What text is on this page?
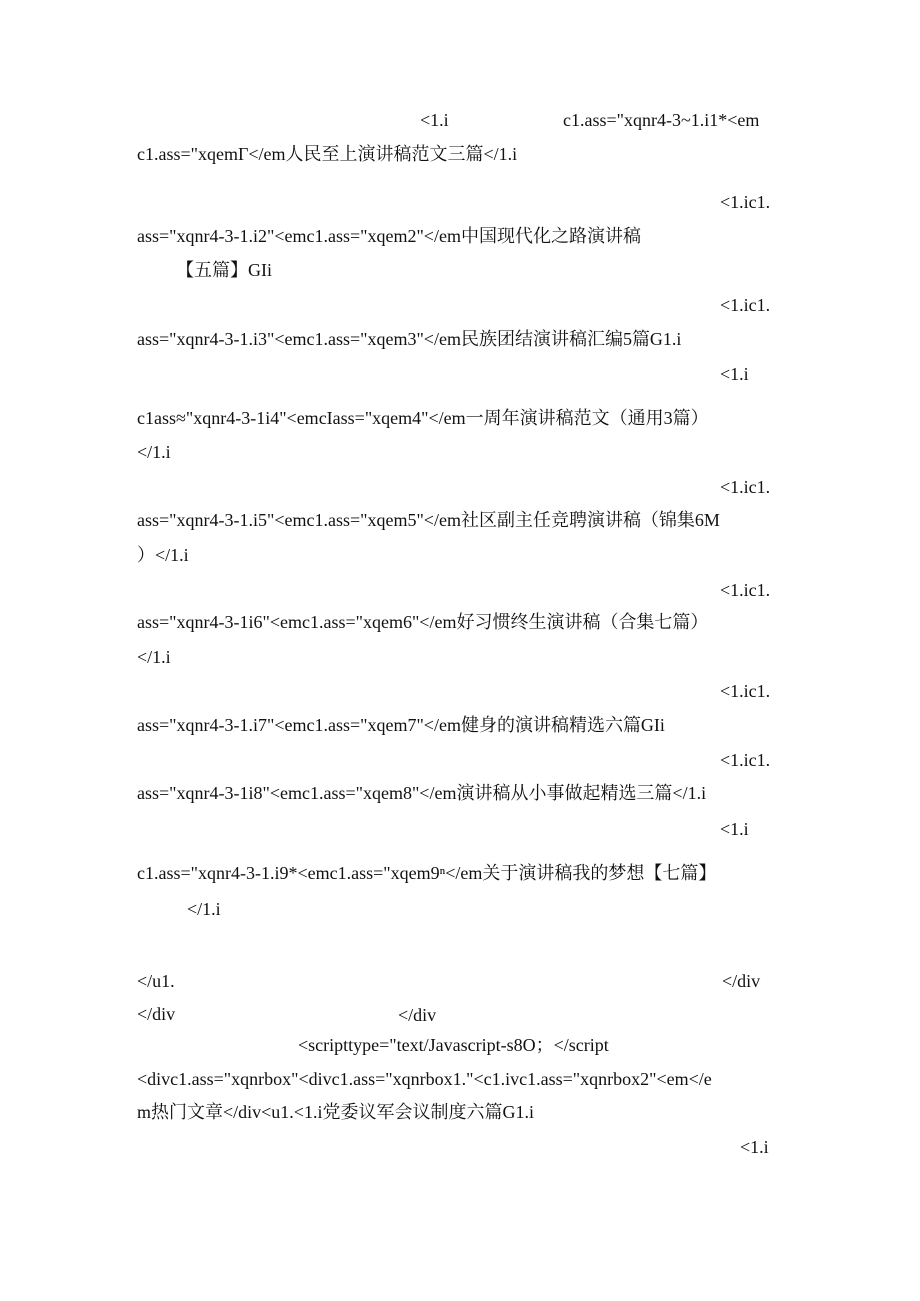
<1.i	c1.ass="xqnr4-3~1.i1*<em
c1.ass="xqemΓ</em人民至上演讲稿范文三篇</1.i
<1.ic1.
ass="xqnr4-3-1.i2"<emc1.ass="xqem2"</em中国现代化之路演讲稿
【五篇】GIi
<1.ic1.
ass="xqnr4-3-1.i3"<emc1.ass="xqem3"</em民族团结演讲稿汇编5篇G1.i
<1.i
c1ass≈"xqnr4-3-1i4"<emcIass="xqem4"</em一周年演讲稿范文（通用3篇）
</1.i
<1.ic1.
ass="xqnr4-3-1.i5"<emc1.ass="xqem5"</em社区副主任竞聘演讲稿（锦集6M
）</1.i
<1.ic1.
ass="xqnr4-3-1i6"<emc1.ass="xqem6"</em好习惯终生演讲稿（合集七篇）
</1.i
<1.ic1.
ass="xqnr4-3-1.i7"<emc1.ass="xqem7"</em健身的演讲稿精选六篇GIi
<1.ic1.
ass="xqnr4-3-1i8"<emc1.ass="xqem8"</em演讲稿从小事做起精选三篇</1.i
<1.i
c1.ass="xqnr4-3-1.i9*<emc1.ass="xqem9ⁿ</em关于演讲稿我的梦想【七篇】
</1.i
</u1.	</div
</div	</div
<scripttype="text/Javascript-s8O；</script
<divc1.ass="xqnrbox"<divc1.ass="xqnrbox1."<c1.ivc1.ass="xqnrbox2"<em</e
m热门文章</div<u1.<1.i党委议军会议制度六篇G1.i
<1.i
